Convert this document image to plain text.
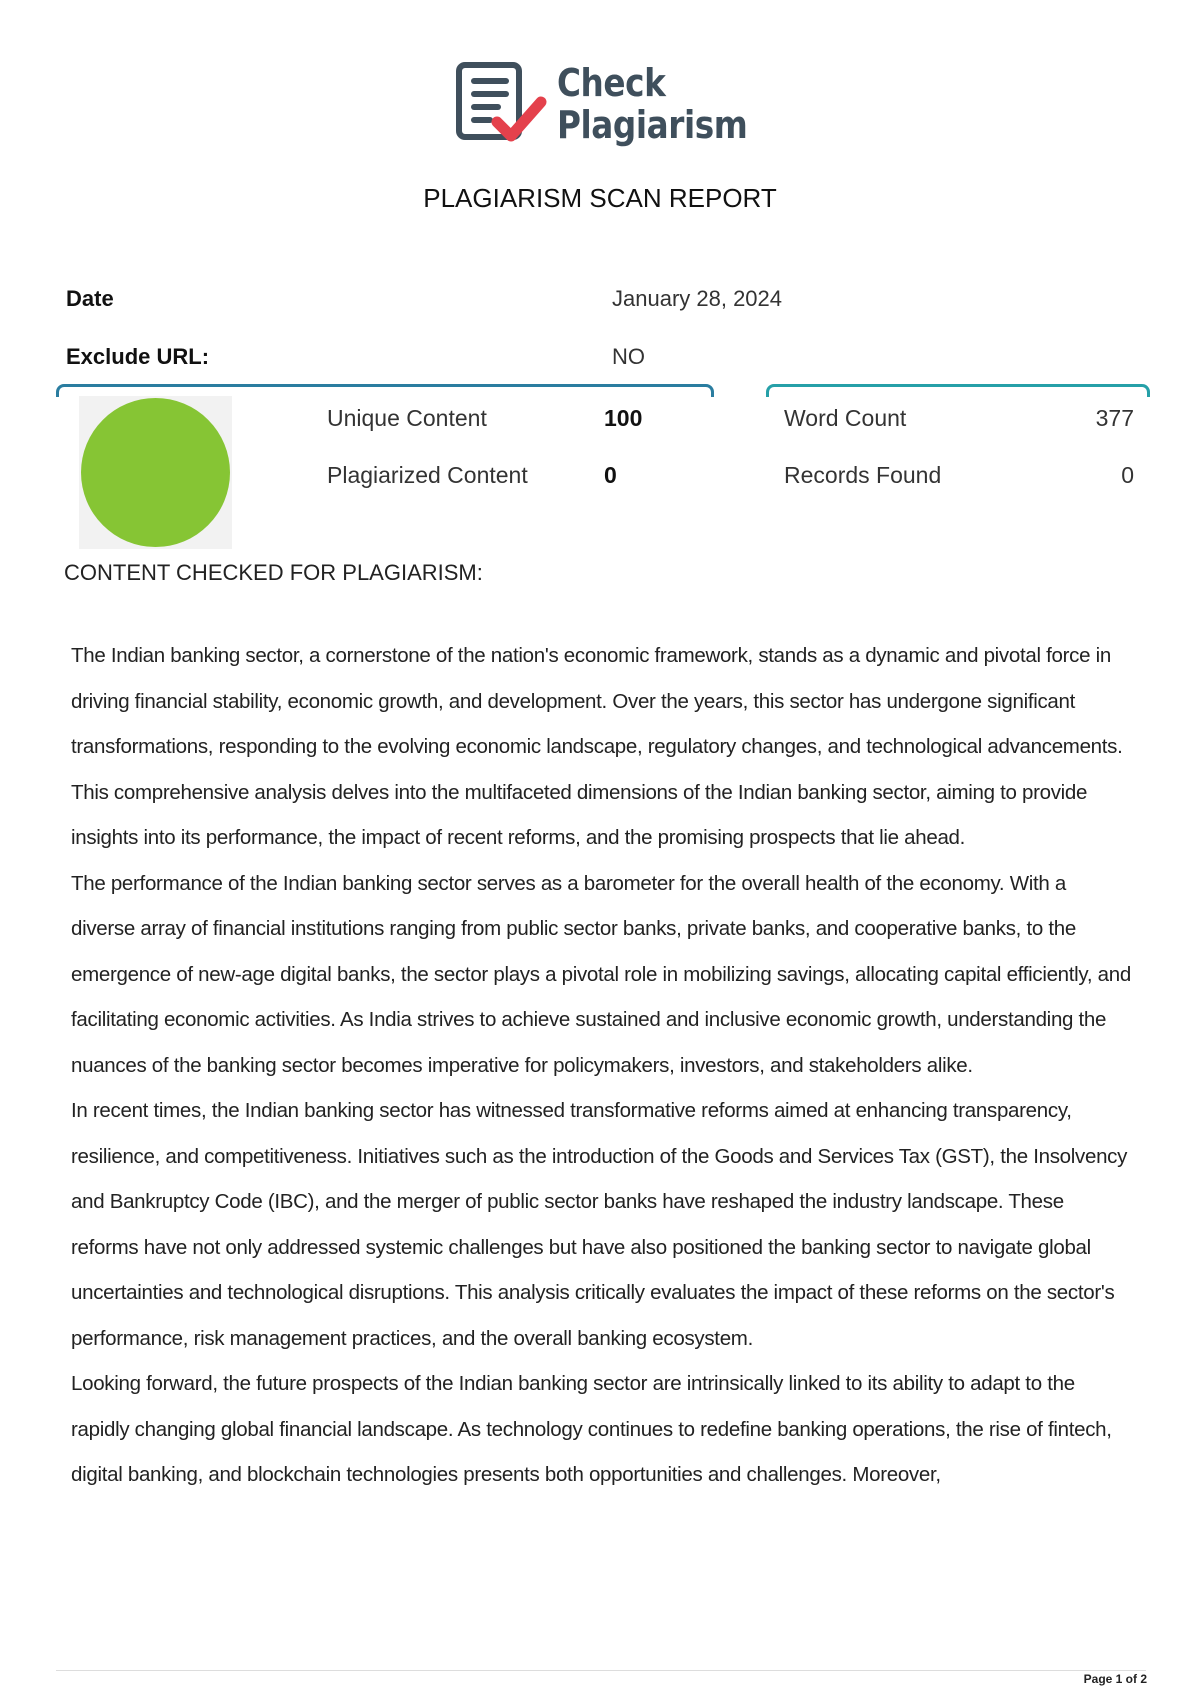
Check
Plagiarism
PLAGIARISM SCAN REPORT
Date	January 28, 2024
Exclude URL:	NO
Unique Content	100
Plagiarized Content	0
Word Count	377
Records Found	0
CONTENT CHECKED FOR PLAGIARISM:

The Indian banking sector, a cornerstone of the nation's economic framework, stands as a dynamic and pivotal force in driving financial stability, economic growth, and development. Over the years, this sector has undergone significant transformations, responding to the evolving economic landscape, regulatory changes, and technological advancements. This comprehensive analysis delves into the multifaceted dimensions of the Indian banking sector, aiming to provide insights into its performance, the impact of recent reforms, and the promising prospects that lie ahead.

The performance of the Indian banking sector serves as a barometer for the overall health of the economy. With a diverse array of financial institutions ranging from public sector banks, private banks, and cooperative banks, to the emergence of new-age digital banks, the sector plays a pivotal role in mobilizing savings, allocating capital efficiently, and facilitating economic activities. As India strives to achieve sustained and inclusive economic growth, understanding the nuances of the banking sector becomes imperative for policymakers, investors, and stakeholders alike.

In recent times, the Indian banking sector has witnessed transformative reforms aimed at enhancing transparency, resilience, and competitiveness. Initiatives such as the introduction of the Goods and Services Tax (GST), the Insolvency and Bankruptcy Code (IBC), and the merger of public sector banks have reshaped the industry landscape. These reforms have not only addressed systemic challenges but have also positioned the banking sector to navigate global uncertainties and technological disruptions. This analysis critically evaluates the impact of these reforms on the sector's performance, risk management practices, and the overall banking ecosystem.

Looking forward, the future prospects of the Indian banking sector are intrinsically linked to its ability to adapt to the rapidly changing global financial landscape. As technology continues to redefine banking operations, the rise of fintech, digital banking, and blockchain technologies presents both opportunities and challenges. Moreover,

Page 1 of 2
